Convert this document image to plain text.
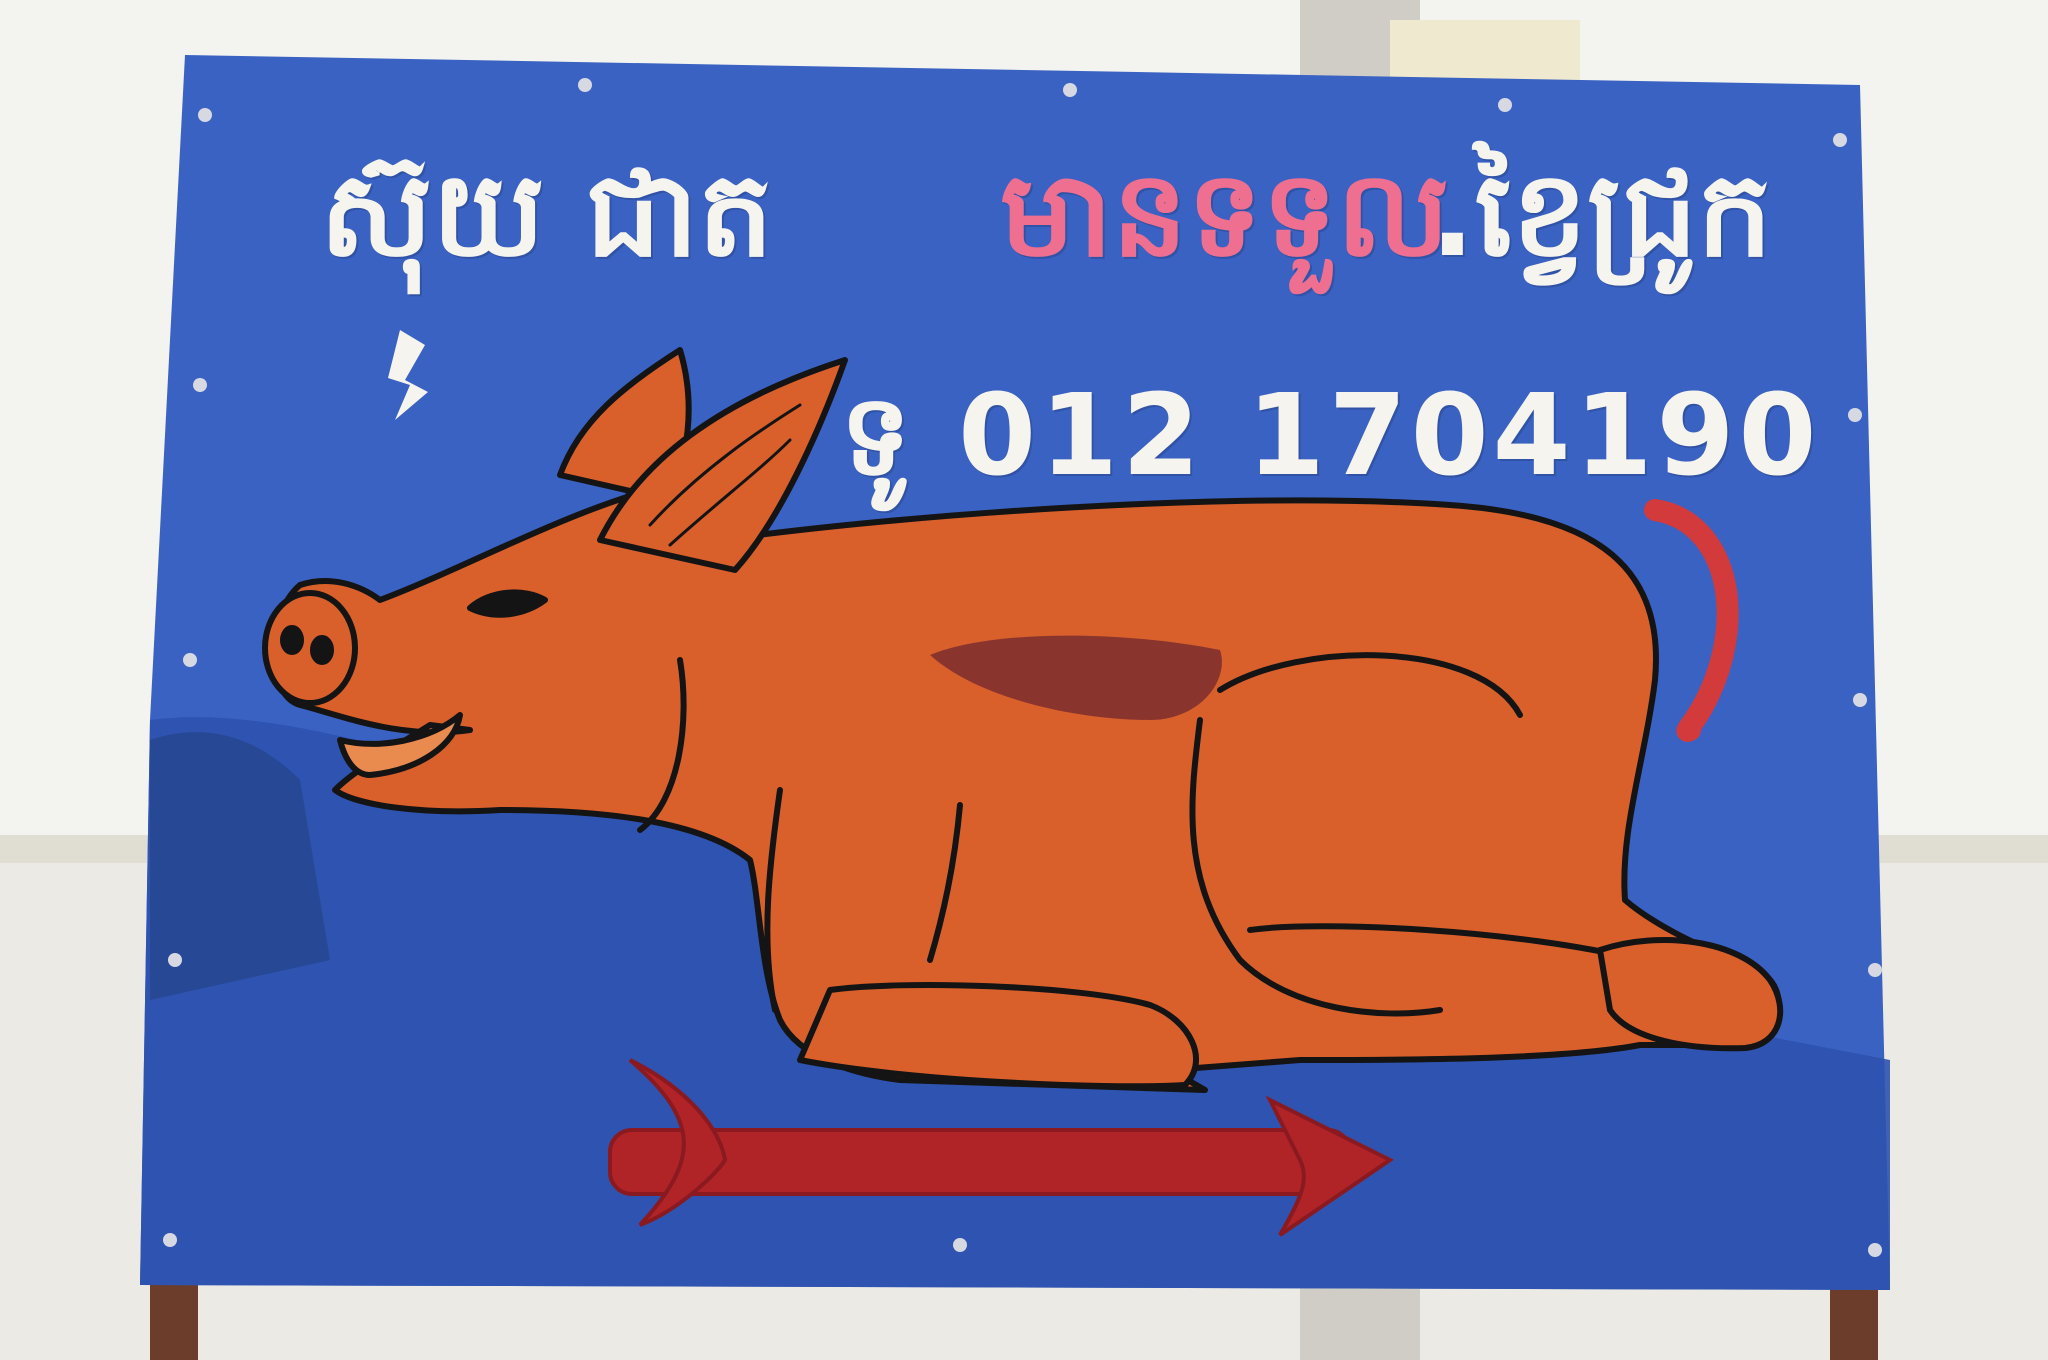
ស៊ុយ ជាត មានទទួល
.ខ្វៃជ្រូក
ទូ 012 1704190
